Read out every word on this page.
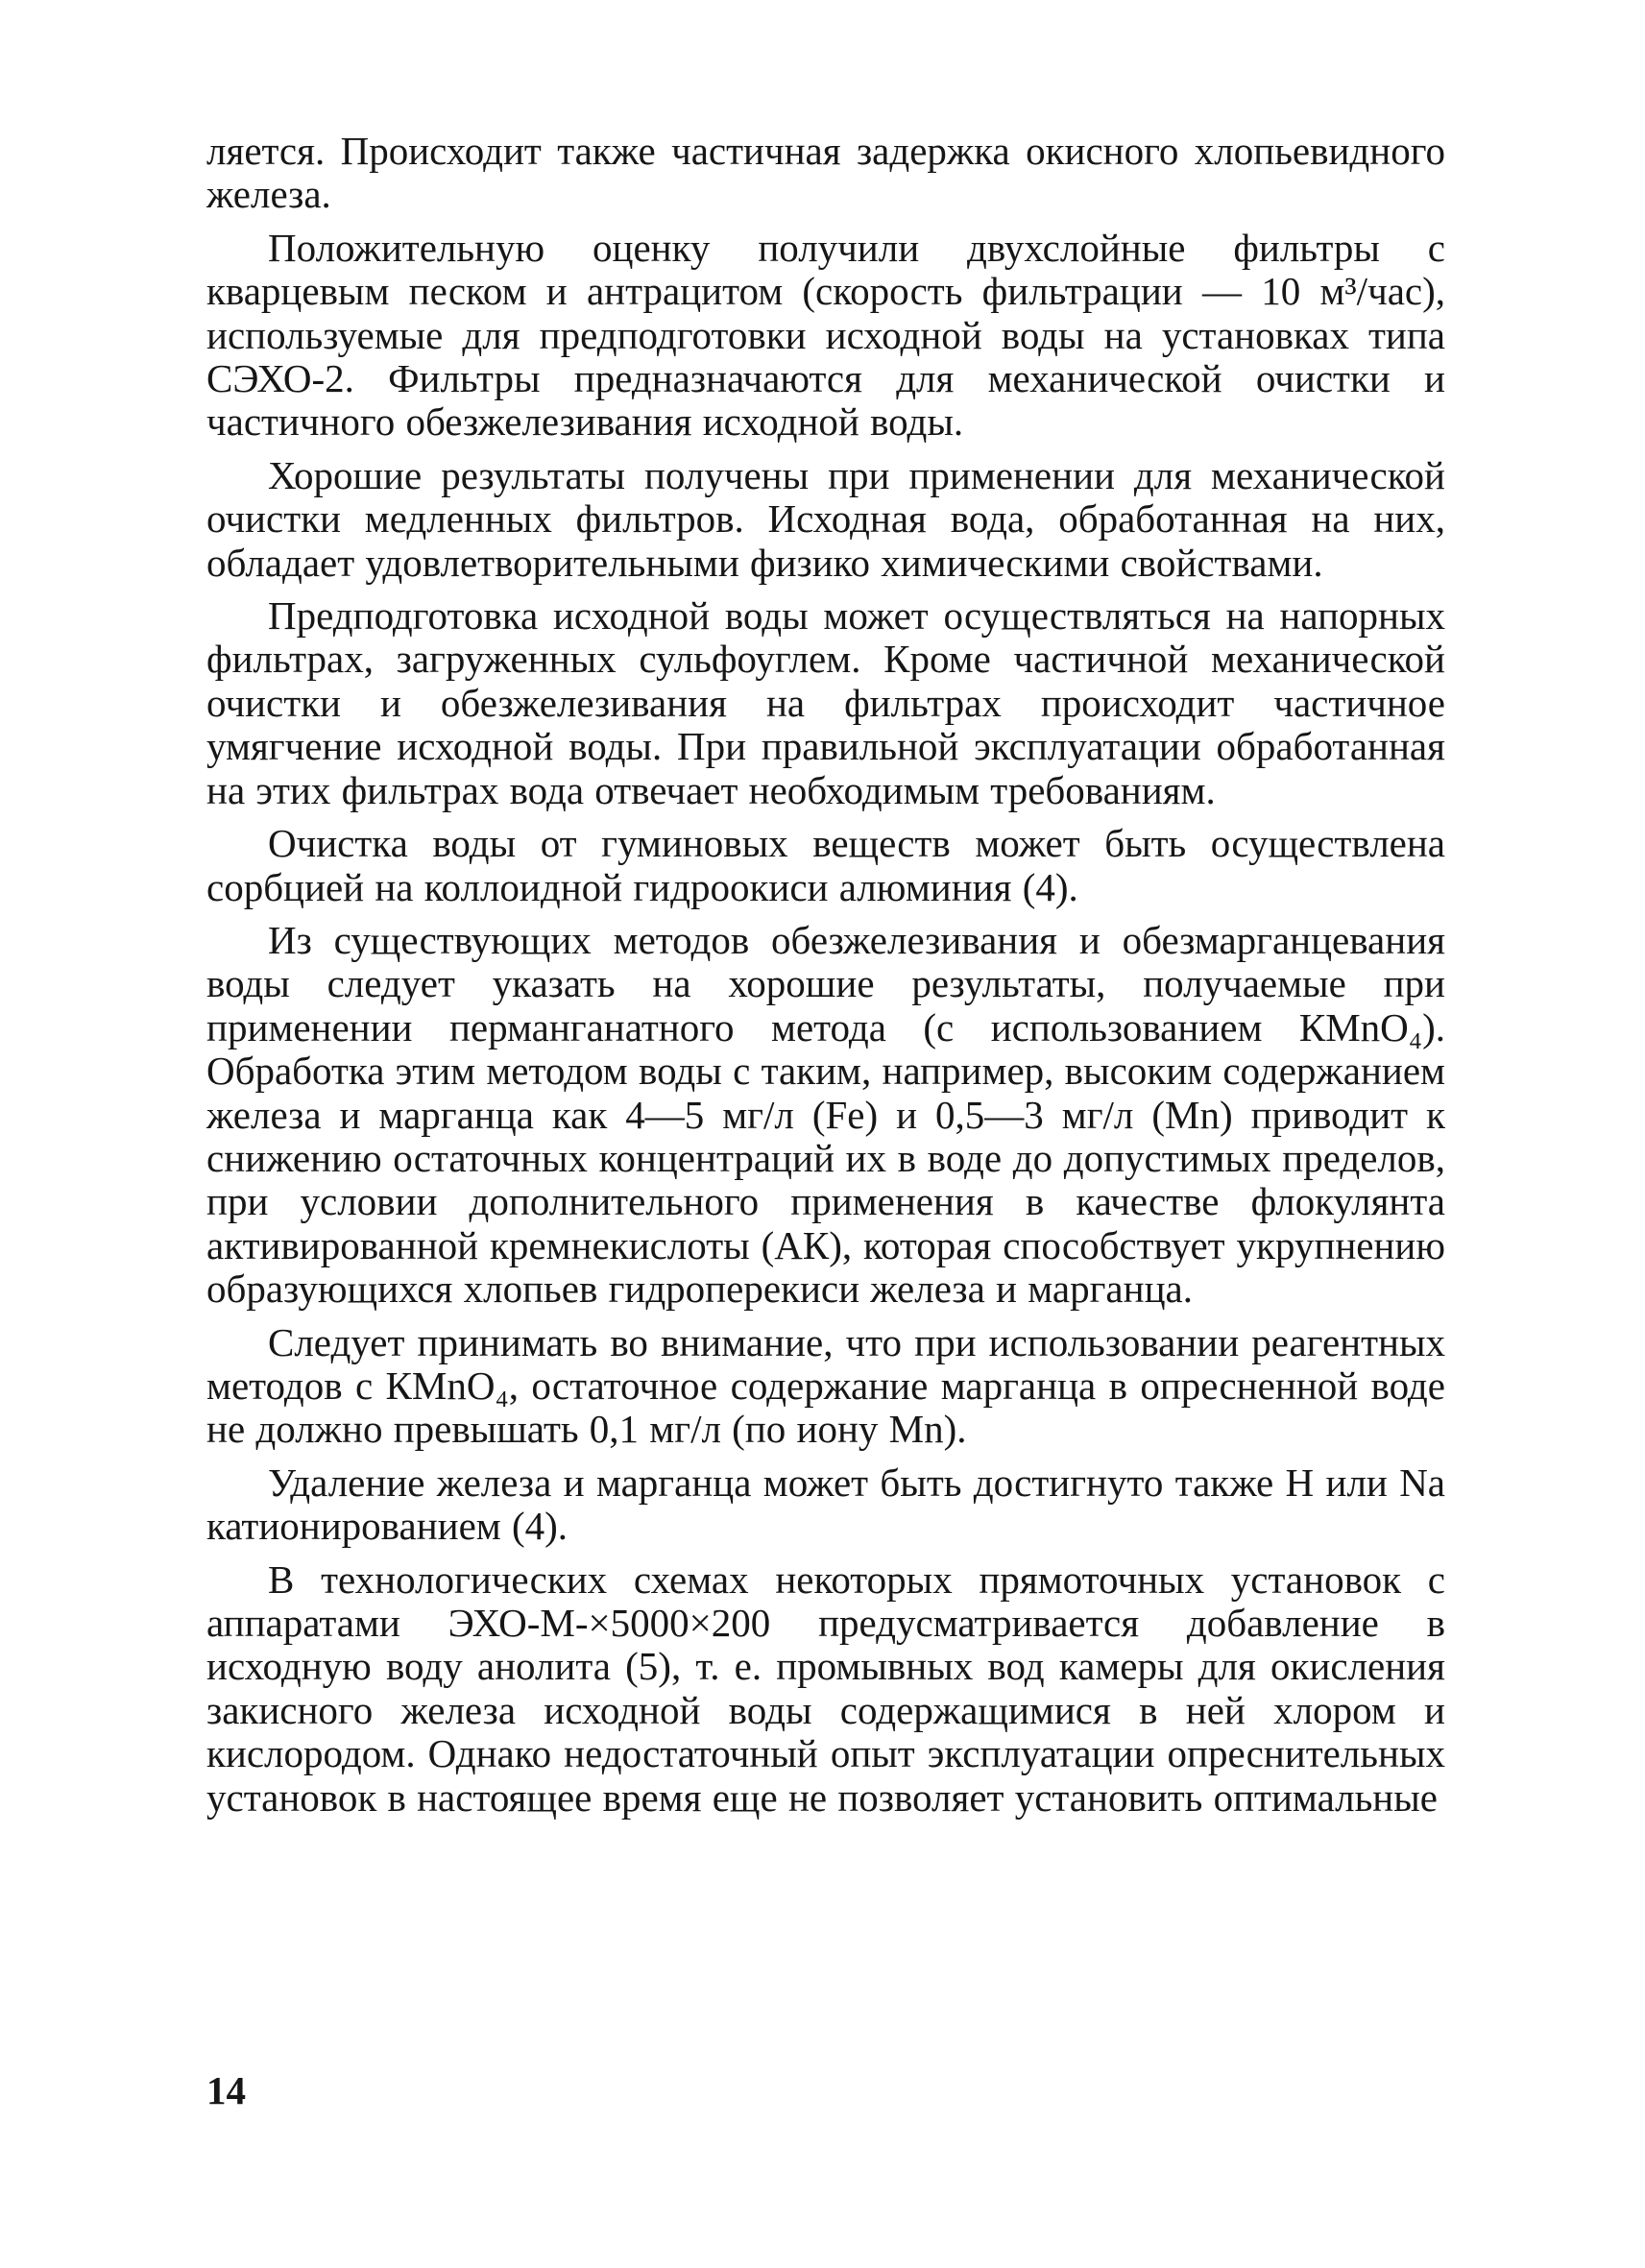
ляется. Происходит также частичная задержка окисного хлопьевидного железа.

Положительную оценку получили двухслойные фильтры с кварцевым песком и антрацитом (скорость фильтрации — 10 м³/час), используемые для предподготовки исходной воды на установках типа СЭХО-2. Фильтры предназначаются для механической очистки и частичного обезжелезивания исходной воды.

Хорошие результаты получены при применении для механической очистки медленных фильтров. Исходная вода, обработанная на них, обладает удовлетворительными физико химическими свойствами.

Предподготовка исходной воды может осуществляться на напорных фильтрах, загруженных сульфоуглем. Кроме частичной механической очистки и обезжелезивания на фильтрах происходит частичное умягчение исходной воды. При правильной эксплуатации обработанная на этих фильтрах вода отвечает необходимым требованиям.

Очистка воды от гуминовых веществ может быть осуществлена сорбцией на коллоидной гидроокиси алюминия (4).

Из существующих методов обезжелезивания и обезмарганцевания воды следует указать на хорошие результаты, получаемые при применении перманганатного метода (с использованием КMnO₄). Обработка этим методом воды с таким, например, высоким содержанием железа и марганца как 4—5 мг/л (Fe) и 0,5—3 мг/л (Mn) приводит к снижению остаточных концентраций их в воде до допустимых пределов, при условии дополнительного применения в качестве флокулянта активированной кремнекислоты (АК), которая способствует укрупнению образующихся хлопьев гидроперекиси железа и марганца.

Следует принимать во внимание, что при использовании реагентных методов с КMnO₄, остаточное содержание марганца в опресненной воде не должно превышать 0,1 мг/л (по иону Mn).

Удаление железа и марганца может быть достигнуто также Н или Na катионированием (4).

В технологических схемах некоторых прямоточных установок с аппаратами ЭХО-М-×5000×200 предусматривается добавление в исходную воду анолита (5), т. е. промывных вод камеры для окисления закисного железа исходной воды содержащимися в ней хлором и кислородом. Однако недостаточный опыт эксплуатации опреснительных установок в настоящее время еще не позволяет установить оптимальные

14
